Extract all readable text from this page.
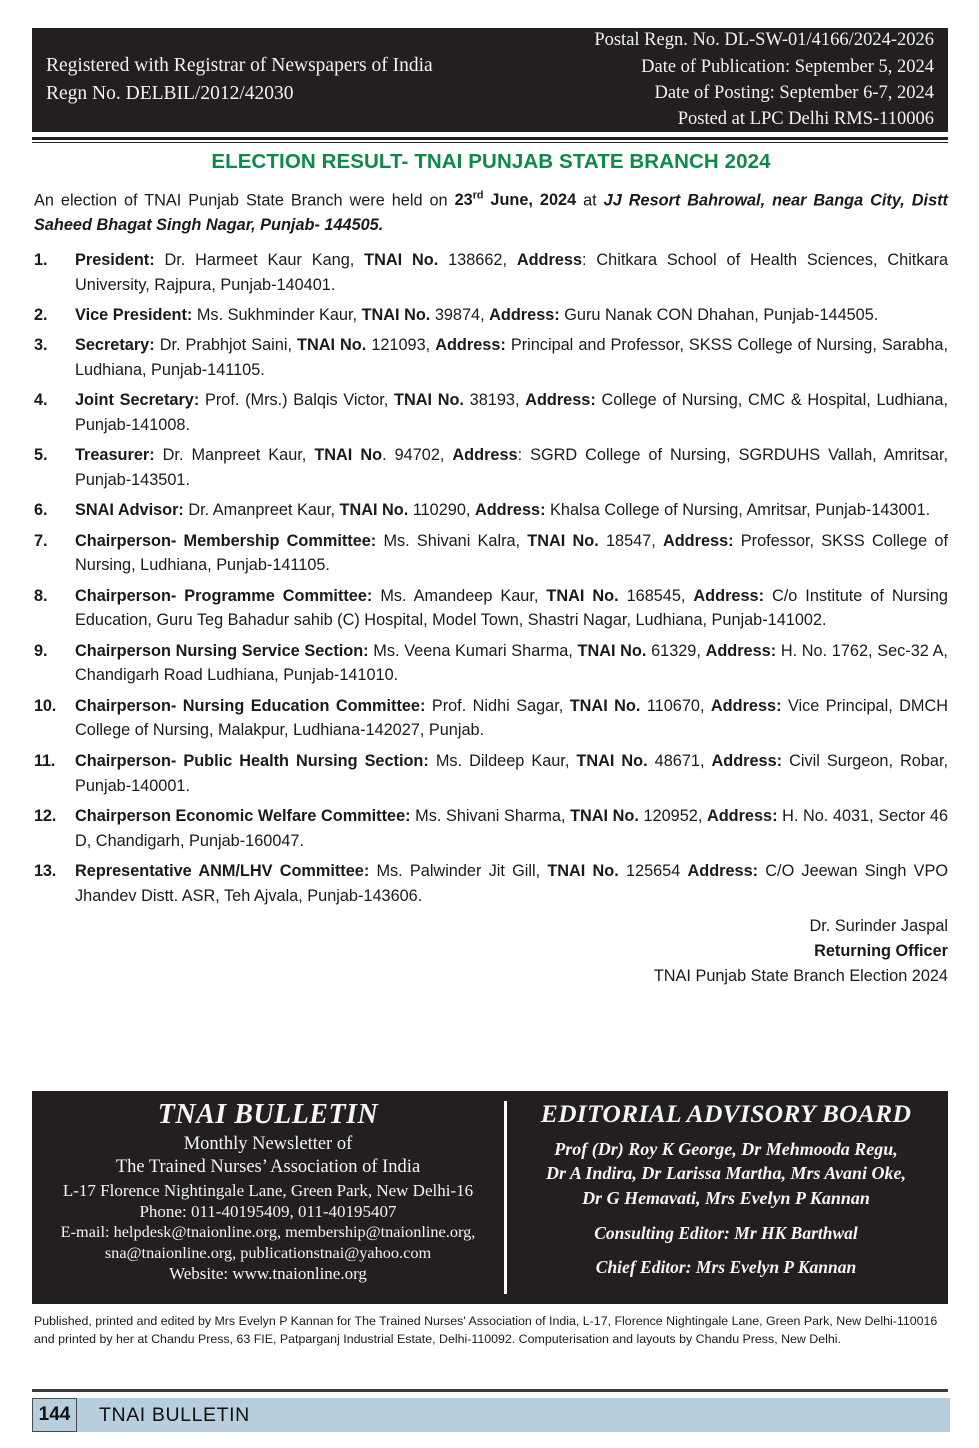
Registered with Registrar of Newspapers of India
Regn No. DELBIL/2012/42030
Postal Regn. No. DL-SW-01/4166/2024-2026
Date of Publication: September 5, 2024
Date of Posting: September 6-7, 2024
Posted at LPC Delhi RMS-110006
ELECTION RESULT- TNAI PUNJAB STATE BRANCH 2024

An election of TNAI Punjab State Branch were held on 23rd June, 2024 at JJ Resort Bahrowal, near Banga City, Distt Saheed Bhagat Singh Nagar, Punjab- 144505.

1.	President: Dr. Harmeet Kaur Kang, TNAI No. 138662, Address: Chitkara School of Health Sciences, Chitkara University, Rajpura, Punjab-140401.
2.	Vice President: Ms. Sukhminder Kaur, TNAI No. 39874, Address: Guru Nanak CON Dhahan, Punjab-144505.
3.	Secretary: Dr. Prabhjot Saini, TNAI No. 121093, Address: Principal and Professor, SKSS College of Nursing, Sarabha, Ludhiana, Punjab-141105.
4.	Joint Secretary: Prof. (Mrs.) Balqis Victor, TNAI No. 38193, Address: College of Nursing, CMC & Hospital, Ludhiana, Punjab-141008.
5.	Treasurer: Dr. Manpreet Kaur, TNAI No. 94702, Address: SGRD College of Nursing, SGRDUHS Vallah, Amritsar, Punjab-143501.
6.	SNAI Advisor: Dr. Amanpreet Kaur, TNAI No. 110290, Address: Khalsa College of Nursing, Amritsar, Punjab-143001.
7.	Chairperson- Membership Committee: Ms. Shivani Kalra, TNAI No. 18547, Address: Professor, SKSS College of Nursing, Ludhiana, Punjab-141105.
8.	Chairperson- Programme Committee: Ms. Amandeep Kaur, TNAI No. 168545, Address: C/o Institute of Nursing Education, Guru Teg Bahadur sahib (C) Hospital, Model Town, Shastri Nagar, Ludhiana, Punjab-141002.
9.	Chairperson Nursing Service Section: Ms. Veena Kumari Sharma, TNAI No. 61329, Address: H. No. 1762, Sec-32 A, Chandigarh Road Ludhiana, Punjab-141010.
10.	Chairperson- Nursing Education Committee: Prof. Nidhi Sagar, TNAI No. 110670, Address: Vice Principal, DMCH College of Nursing, Malakpur, Ludhiana-142027, Punjab.
11.	Chairperson- Public Health Nursing Section: Ms. Dildeep Kaur, TNAI No. 48671, Address: Civil Surgeon, Robar, Punjab-140001.
12.	Chairperson Economic Welfare Committee: Ms. Shivani Sharma, TNAI No. 120952, Address: H. No. 4031, Sector 46 D, Chandigarh, Punjab-160047.
13.	Representative ANM/LHV Committee: Ms. Palwinder Jit Gill, TNAI No. 125654 Address: C/O Jeewan Singh VPO Jhandev Distt. ASR, Teh Ajvala, Punjab-143606.
Dr. Surinder Jaspal
Returning Officer
TNAI Punjab State Branch Election 2024
TNAI BULLETIN
Monthly Newsletter of
The Trained Nurses’ Association of India
L-17 Florence Nightingale Lane, Green Park, New Delhi-16
Phone: 011-40195409, 011-40195407
E-mail: helpdesk@tnaionline.org, membership@tnaionline.org,
sna@tnaionline.org, publicationstnai@yahoo.com
Website: www.tnaionline.org
EDITORIAL ADVISORY BOARD
Prof (Dr) Roy K George, Dr Mehmooda Regu,
Dr A Indira, Dr Larissa Martha, Mrs Avani Oke,
Dr G Hemavati, Mrs Evelyn P Kannan
Consulting Editor: Mr HK Barthwal
Chief Editor: Mrs Evelyn P Kannan
Published, printed and edited by Mrs Evelyn P Kannan for The Trained Nurses' Association of India, L-17, Florence Nightingale Lane, Green Park, New Delhi-110016
and printed by her at Chandu Press, 63 FIE, Patparganj Industrial Estate, Delhi-110092. Computerisation and layouts by Chandu Press, New Delhi.
144	TNAI BULLETIN
